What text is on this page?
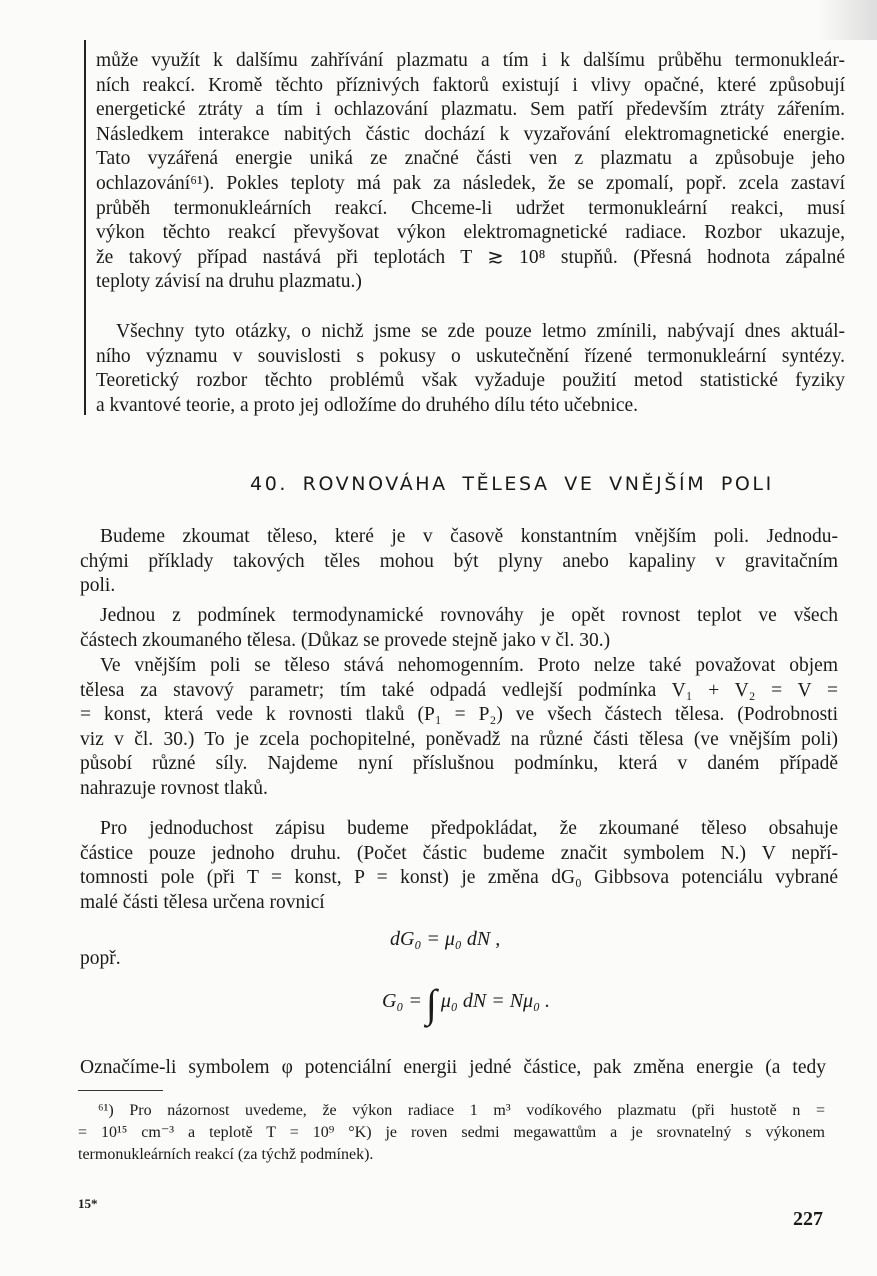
může využít k dalšímu zahřívání plazmatu a tím i k dalšímu průběhu termonukleár-
ních reakcí. Kromě těchto příznivých faktorů existují i vlivy opačné, které způsobují
energetické ztráty a tím i ochlazování plazmatu. Sem patří především ztráty zářením.
Následkem interakce nabitých částic dochází k vyzařování elektromagnetické energie.
Tato vyzářená energie uniká ze značné části ven z plazmatu a způsobuje jeho
ochlazování⁶¹). Pokles teploty má pak za následek, že se zpomalí, popř. zcela zastaví
průběh termonukleárních reakcí. Chceme-li udržet termonukleární reakci, musí
výkon těchto reakcí převyšovat výkon elektromagnetické radiace. Rozbor ukazuje,
že takový případ nastává při teplotách T ≳ 10⁸ stupňů. (Přesná hodnota zápalné
teploty závisí na druhu plazmatu.)
Všechny tyto otázky, o nichž jsme se zde pouze letmo zmínili, nabývají dnes aktuál-
ního významu v souvislosti s pokusy o uskutečnění řízené termonukleární syntézy.
Teoretický rozbor těchto problémů však vyžaduje použití metod statistické fyziky
a kvantové teorie, a proto jej odložíme do druhého dílu této učebnice.
40. ROVNOVÁHA TĚLESA VE VNĚJŠÍM POLI
Budeme zkoumat těleso, které je v časově konstantním vnějším poli. Jednodu-
chými příklady takových těles mohou být plyny anebo kapaliny v gravitačním
poli.
Jednou z podmínek termodynamické rovnováhy je opět rovnost teplot ve všech
částech zkoumaného tělesa. (Důkaz se provede stejně jako v čl. 30.)
Ve vnějším poli se těleso stává nehomogenním. Proto nelze také považovat objem
tělesa za stavový parametr; tím také odpadá vedlejší podmínka V₁ + V₂ = V =
= konst, která vede k rovnosti tlaků (P₁ = P₂) ve všech částech tělesa. (Podrobnosti
viz v čl. 30.) To je zcela pochopitelné, poněvadž na různé části tělesa (ve vnějším poli)
působí různé síly. Najdeme nyní příslušnou podmínku, která v daném případě
nahrazuje rovnost tlaků.
Pro jednoduchost zápisu budeme předpokládat, že zkoumané těleso obsahuje
částice pouze jednoho druhu. (Počet částic budeme značit symbolem N.) V nepří-
tomnosti pole (při T = konst, P = konst) je změna dG₀ Gibbsova potenciálu vybrané
malé části tělesa určena rovnicí
dG₀ = μ₀ dN ,
popř.
G₀ = ∫ μ₀ dN = Nμ₀ .
Označíme-li symbolem φ potenciální energii jedné částice, pak změna energie (a tedy
⁶¹) Pro názornost uvedeme, že výkon radiace 1 m³ vodíkového plazmatu (při hustotě n =
= 10¹⁵ cm⁻³ a teplotě T = 10⁹ °K) je roven sedmi megawattům a je srovnatelný s výkonem
termonukleárních reakcí (za týchž podmínek).
15*
227
